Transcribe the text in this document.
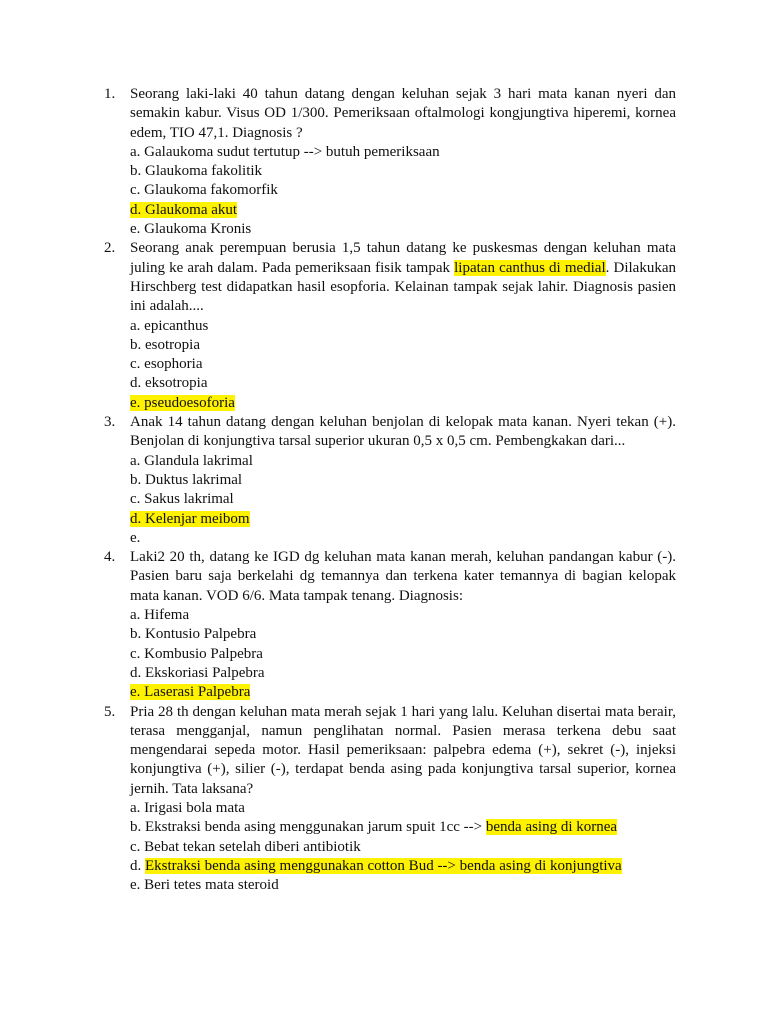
1. Seorang laki-laki 40 tahun datang dengan keluhan sejak 3 hari mata kanan nyeri dan semakin kabur. Visus OD 1/300. Pemeriksaan oftalmologi kongjungtiva hiperemi, kornea edem, TIO 47,1. Diagnosis ?

a. Galaukoma sudut tertutup --> butuh pemeriksaan
b. Glaukoma fakolitik
c. Glaukoma fakomorfik
d. Glaukoma akut
e. Glaukoma Kronis
2. Seorang anak perempuan berusia 1,5 tahun datang ke puskesmas dengan keluhan mata juling ke arah dalam. Pada pemeriksaan fisik tampak lipatan canthus di medial. Dilakukan Hirschberg test didapatkan hasil esopforia. Kelainan tampak sejak lahir. Diagnosis pasien ini adalah....

a. epicanthus
b. esotropia
c. esophoria
d. eksotropia
e. pseudoesoforia
3. Anak 14 tahun datang dengan keluhan benjolan di kelopak mata kanan. Nyeri tekan (+). Benjolan di konjungtiva tarsal superior ukuran 0,5 x 0,5 cm. Pembengkakan dari...

a. Glandula lakrimal
b. Duktus lakrimal
c. Sakus lakrimal
d. Kelenjar meibom
e.
4. Laki2 20 th, datang ke IGD dg keluhan mata kanan merah, keluhan pandangan kabur (-). Pasien baru saja berkelahi dg temannya dan terkena kater temannya di bagian kelopak mata kanan. VOD 6/6. Mata tampak tenang. Diagnosis:

a. Hifema
b. Kontusio Palpebra
c. Kombusio Palpebra
d. Ekskoriasi Palpebra
e. Laserasi Palpebra
5. Pria 28 th dengan keluhan mata merah sejak 1 hari yang lalu. Keluhan disertai mata berair, terasa mengganjal, namun penglihatan normal. Pasien merasa terkena debu saat mengendarai sepeda motor. Hasil pemeriksaan: palpebra edema (+), sekret (-), injeksi konjungtiva (+), silier (-), terdapat benda asing pada konjungtiva tarsal superior, kornea jernih. Tata laksana?

a. Irigasi bola mata
b. Ekstraksi benda asing menggunakan jarum spuit 1cc --> benda asing di kornea
c. Bebat tekan setelah diberi antibiotik
d. Ekstraksi benda asing menggunakan cotton Bud --> benda asing di konjungtiva
e. Beri tetes mata steroid
